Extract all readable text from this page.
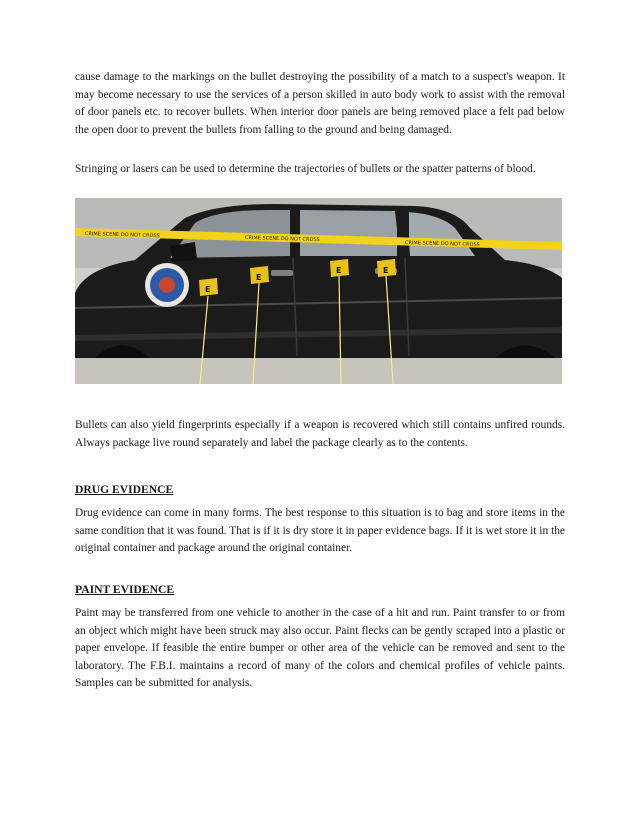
cause damage to the markings on the bullet destroying the possibility of a match to a suspect's weapon. It may become necessary to use the services of a person skilled in auto body work to assist with the removal of door panels etc. to recover bullets. When interior door panels are being removed place a felt pad below the open door to prevent the bullets from falling to the ground and being damaged.

Stringing or lasers can be used to determine the trajectories of bullets or the spatter patterns of blood.

CRIME SCENE DO NOT CROSS	CRIME SCENE DO NOT CROSS
CRIME SCENE DO NOT CROSS
E
E
E	E

Bullets can also yield fingerprints especially if a weapon is recovered which still contains unfired rounds. Always package live round separately and label the package clearly as to the contents.

DRUG EVIDENCE

Drug evidence can come in many forms. The best response to this situation is to bag and store items in the same condition that it was found. That is if it is dry store it in paper evidence bags. If it is wet store it in the original container and package around the original container.

PAINT EVIDENCE

Paint may be transferred from one vehicle to another in the case of a hit and run. Paint transfer to or from an object which might have been struck may also occur. Paint flecks can be gently scraped into a plastic or paper envelope. If feasible the entire bumper or other area of the vehicle can be removed and sent to the laboratory. The F.B.I. maintains a record of many of the colors and chemical profiles of vehicle paints. Samples can be submitted for analysis.
